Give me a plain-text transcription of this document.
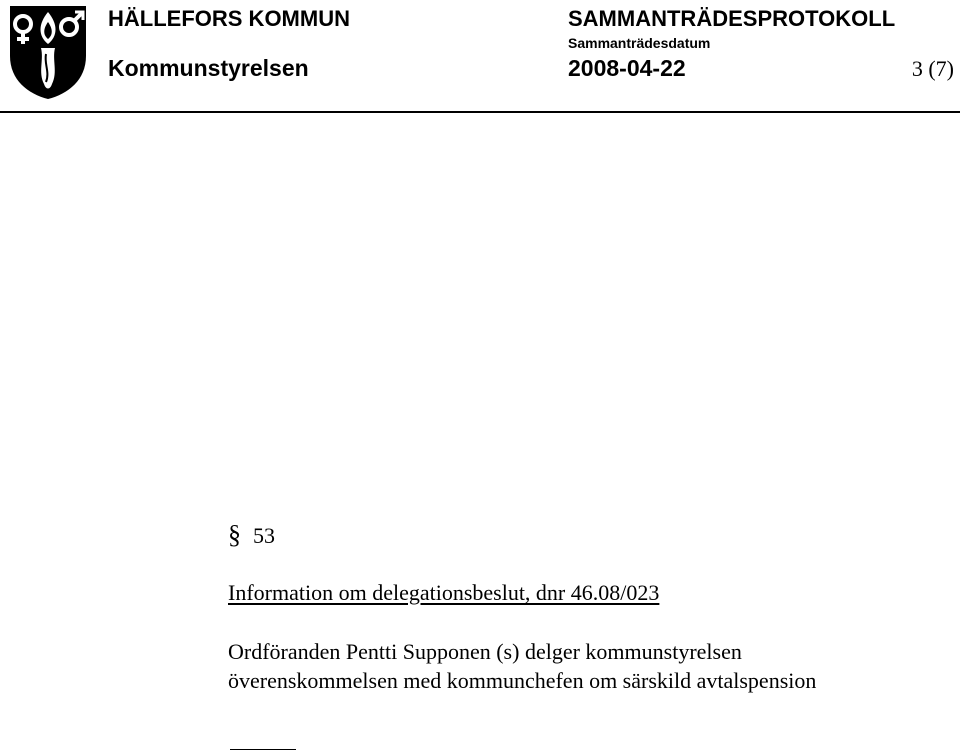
HÄLLEFORS KOMMUN
Kommunstyrelsen
SAMMANTRÄDESPROTOKOLL
Sammanträdesdatum
2008-04-22	3 (7)
§ 53
Information om delegationsbeslut, dnr 46.08/023
Ordföranden Pentti Supponen (s) delger kommunstyrelsen
överenskommelsen med kommunchefen om särskild avtalspension
